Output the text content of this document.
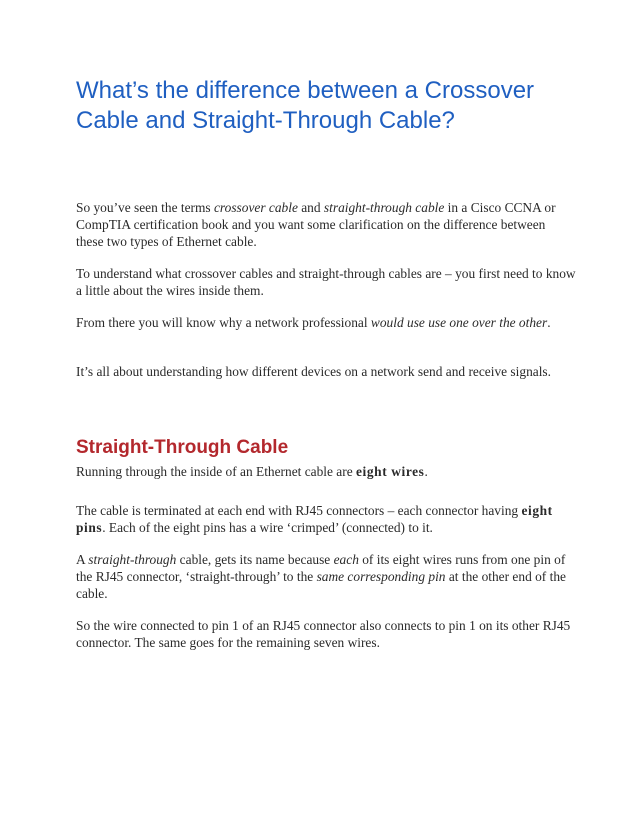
What’s the difference between a Crossover Cable and Straight-Through Cable?

So you’ve seen the terms crossover cable and straight-through cable in a Cisco CCNA or CompTIA certification book and you want some clarification on the difference between these two types of Ethernet cable.

To understand what crossover cables and straight-through cables are – you first need to know a little about the wires inside them.

From there you will know why a network professional would use use one over the other.

It’s all about understanding how different devices on a network send and receive signals.

Straight-Through Cable

Running through the inside of an Ethernet cable are eight wires.

The cable is terminated at each end with RJ45 connectors – each connector having eight pins. Each of the eight pins has a wire ‘crimped’ (connected) to it.

A straight-through cable, gets its name because each of its eight wires runs from one pin of the RJ45 connector, ‘straight-through’ to the same corresponding pin at the other end of the cable.

So the wire connected to pin 1 of an RJ45 connector also connects to pin 1 on its other RJ45 connector. The same goes for the remaining seven wires.
